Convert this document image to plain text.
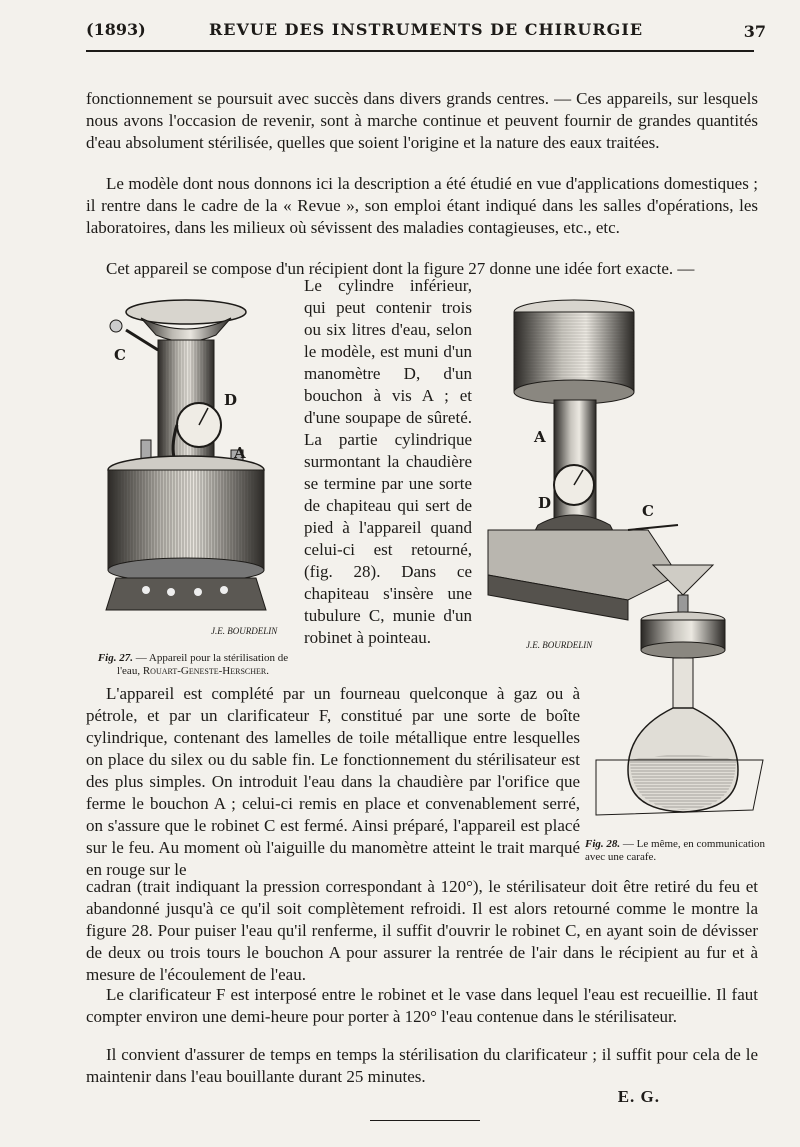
(1893)	REVUE DES INSTRUMENTS DE CHIRURGIE	37

fonctionnement se poursuit avec succès dans divers grands centres. — Ces appareils, sur lesquels nous avons l'occasion de revenir, sont à marche continue et peuvent fournir de grandes quantités d'eau absolument stérilisée, quelles que soient l'origine et la nature des eaux traitées.

Le modèle dont nous donnons ici la description a été étudié en vue d'applications domestiques ; il rentre dans le cadre de la « Revue », son emploi étant indiqué dans les salles d'opérations, les laboratoires, dans les milieux où sévissent des maladies contagieuses, etc., etc.

Cet appareil se compose d'un récipient dont la figure 27 donne une idée fort exacte. —

C
D
A
J.E. BOURDELIN
Fig. 27. — Appareil pour la stérilisation de l'eau, Rouart-Geneste-Herscher.

Le cylindre inférieur, qui peut contenir trois ou six litres d'eau, selon le modèle, est muni d'un manomètre D, d'un bouchon à vis A ; et d'une soupape de sûreté. La partie cylindrique surmontant la chaudière se termine par une sorte de chapiteau qui sert de pied à l'appareil quand celui-ci est retourné, (fig. 28). Dans ce chapiteau s'insère une tubulure C, munie d'un robinet à pointeau.

A
D	C
J.E. BOURDELIN
Fig. 28. — Le même, en communication avec une carafe.

L'appareil est complété par un fourneau quelconque à gaz ou à pétrole, et par un clarificateur F, constitué par une sorte de boîte cylindrique, contenant des lamelles de toile métallique entre lesquelles on place du silex ou du sable fin. Le fonctionnement du stérilisateur est des plus simples. On introduit l'eau dans la chaudière par l'orifice que ferme le bouchon A ; celui-ci remis en place et convenablement serré, on s'assure que le robinet C est fermé. Ainsi préparé, l'appareil est placé sur le feu. Au moment où l'aiguille du manomètre atteint le trait marqué en rouge sur le

cadran (trait indiquant la pression correspondant à 120°), le stérilisateur doit être retiré du feu et abandonné jusqu'à ce qu'il soit complètement refroidi. Il est alors retourné comme le montre la figure 28. Pour puiser l'eau qu'il renferme, il suffit d'ouvrir le robinet C, en ayant soin de dévisser de deux ou trois tours le bouchon A pour assurer la rentrée de l'air dans le récipient au fur et à mesure de l'écoulement de l'eau.

Le clarificateur F est interposé entre le robinet et le vase dans lequel l'eau est recueillie. Il faut compter environ une demi-heure pour porter à 120° l'eau contenue dans le stérilisateur.

Il convient d'assurer de temps en temps la stérilisation du clarificateur ; il suffit pour cela de le maintenir dans l'eau bouillante durant 25 minutes.

E. G.
